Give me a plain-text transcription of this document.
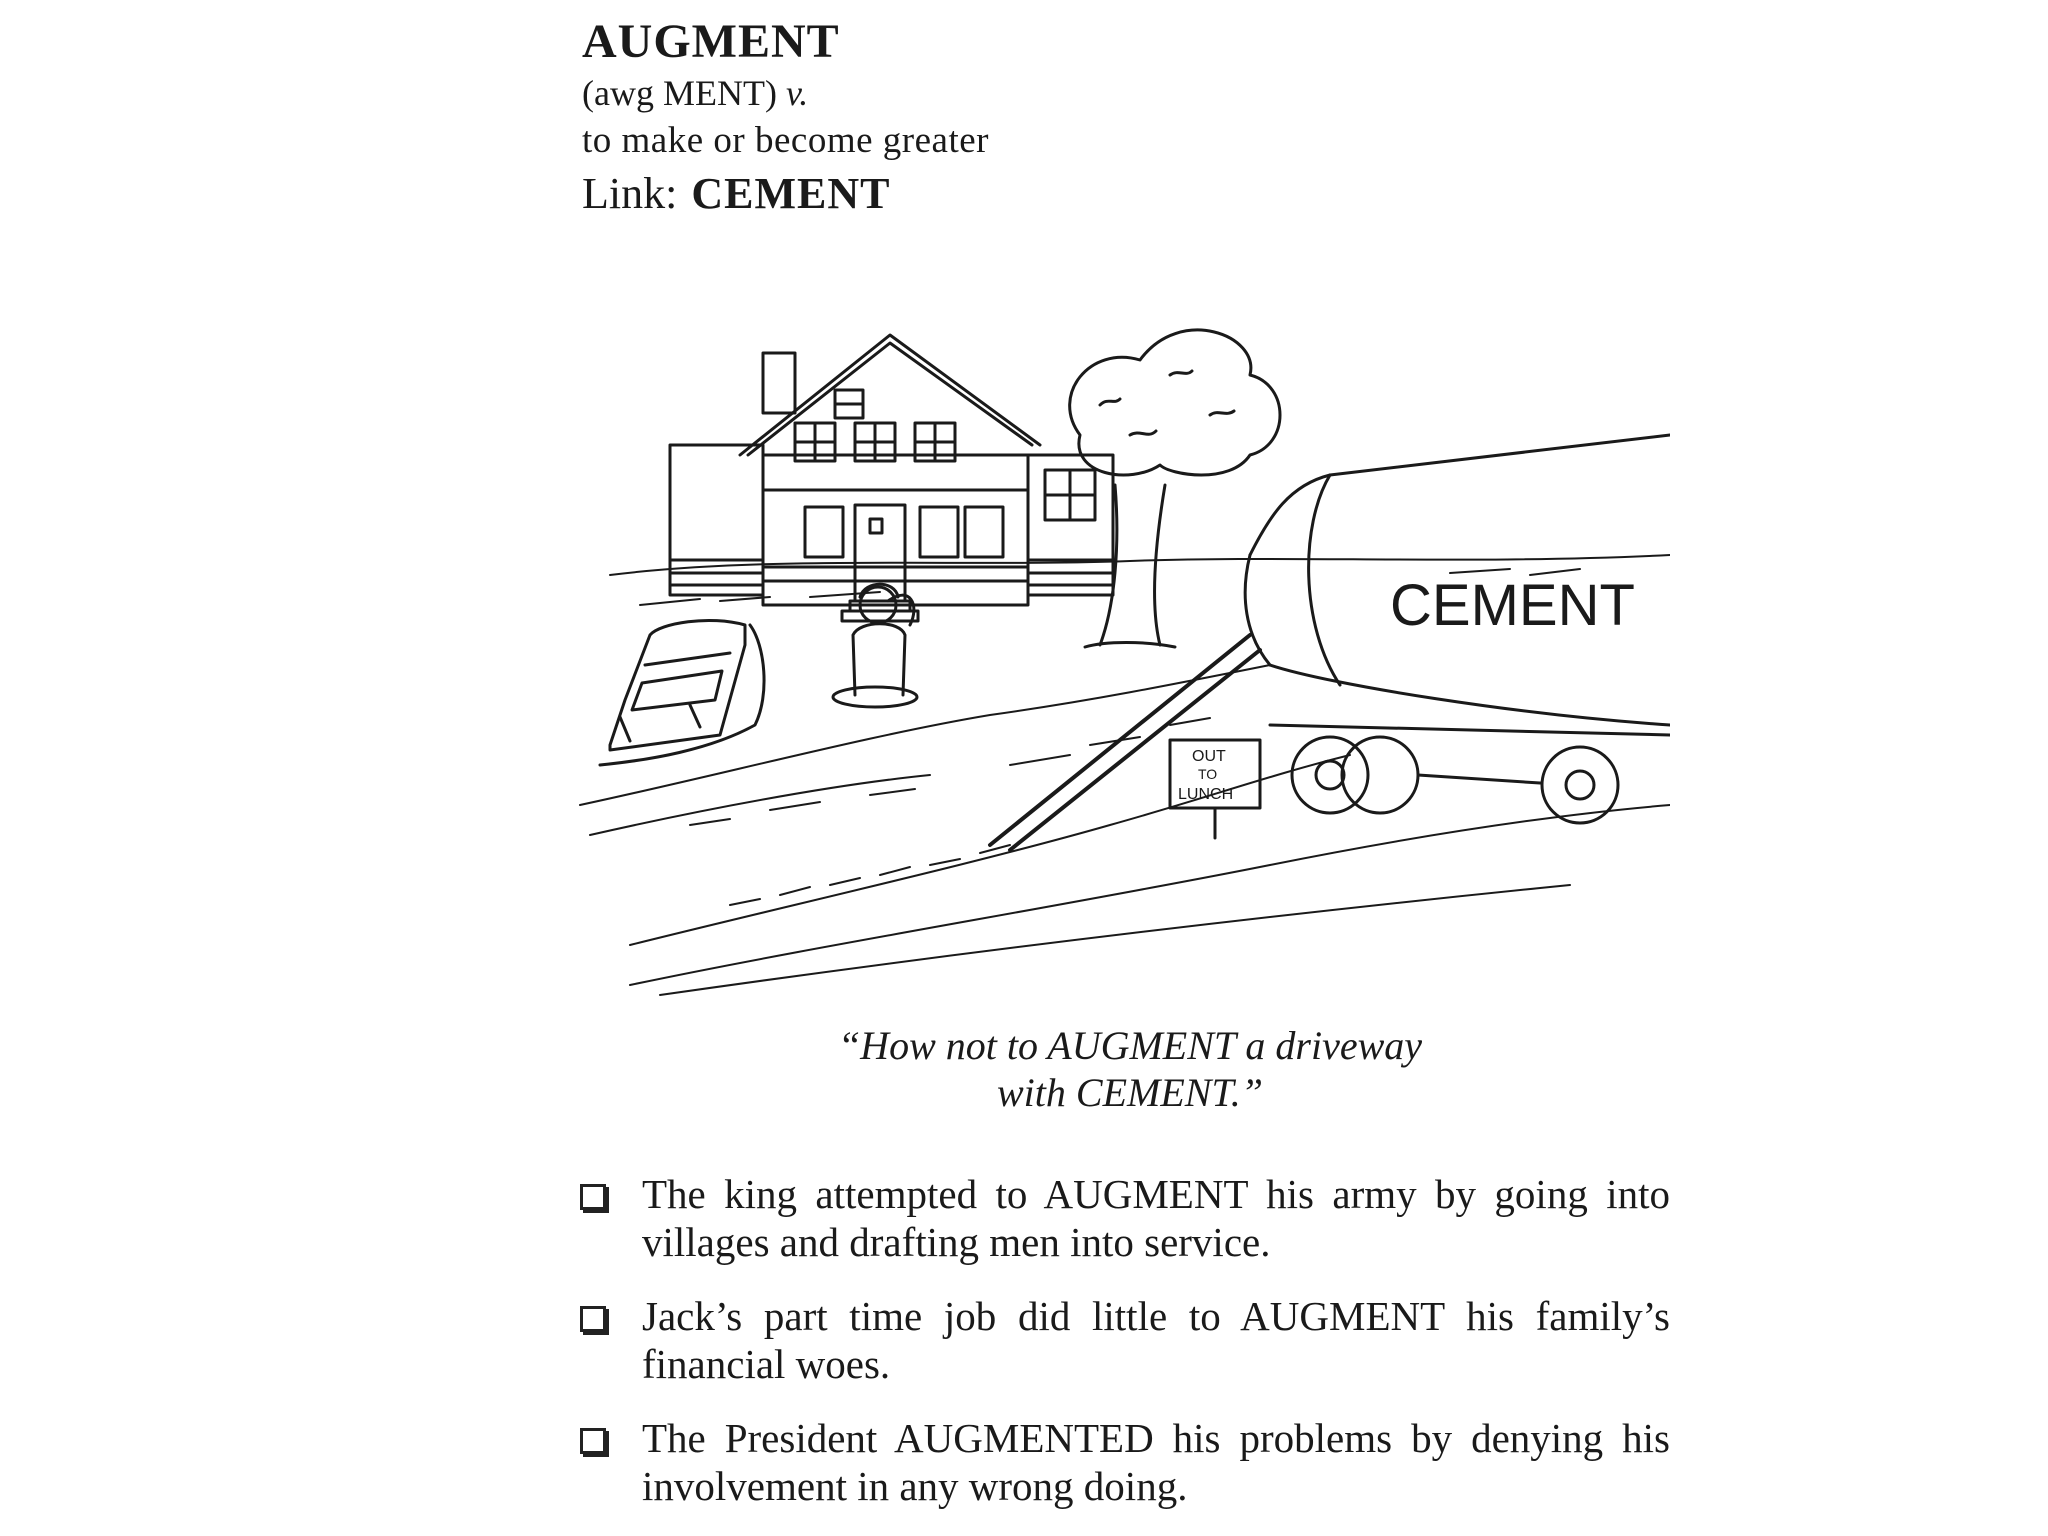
AUGMENT
(awg MENT) v.
to make or become greater
Link: CEMENT
CEMENT
OUT
TO
LUNCH
“How not to AUGMENT a driveway
with CEMENT.”
The king attempted to AUGMENT his army by going into villages and drafting men into service.
Jack’s part time job did little to AUGMENT his family’s financial woes.
The President AUGMENTED his problems by denying his involvement in any wrong doing.
